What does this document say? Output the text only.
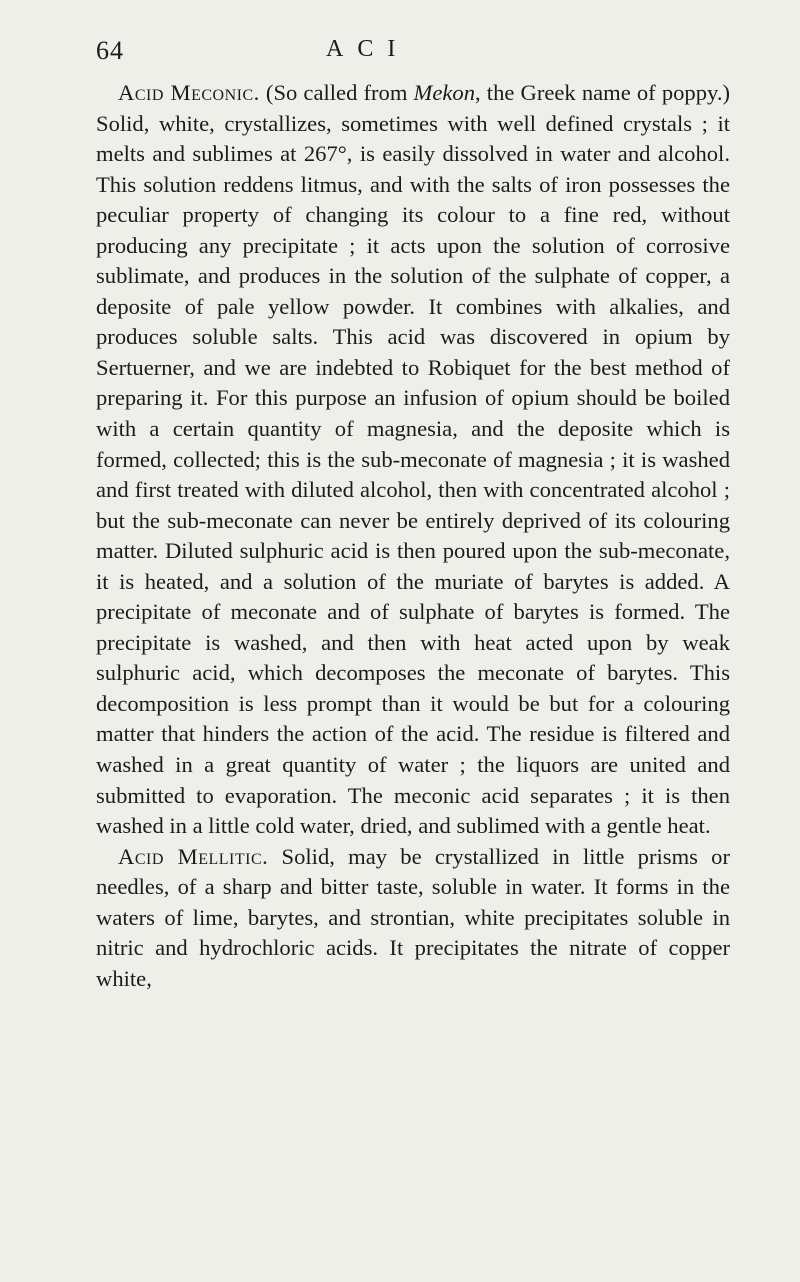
64	ACI

Acid Meconic. (So called from Mekon, the Greek name of poppy.) Solid, white, crystallizes, sometimes with well defined crystals ; it melts and sublimes at 267°, is easily dissolved in water and alcohol. This solution reddens litmus, and with the salts of iron possesses the peculiar property of changing its colour to a fine red, without producing any precipitate ; it acts upon the solution of corrosive sublimate, and produces in the solution of the sulphate of copper, a deposite of pale yellow powder. It combines with alkalies, and produces soluble salts. This acid was discovered in opium by Sertuerner, and we are indebted to Robiquet for the best method of preparing it. For this purpose an infusion of opium should be boiled with a certain quantity of magnesia, and the deposite which is formed, collected; this is the sub-meconate of magnesia ; it is washed and first treated with diluted alcohol, then with concentrated alcohol ; but the sub-meconate can never be entirely deprived of its colouring matter. Diluted sulphuric acid is then poured upon the sub-meconate, it is heated, and a solution of the muriate of barytes is added. A precipitate of meconate and of sulphate of barytes is formed. The precipitate is washed, and then with heat acted upon by weak sulphuric acid, which decomposes the meconate of barytes. This decomposition is less prompt than it would be but for a colouring matter that hinders the action of the acid. The residue is filtered and washed in a great quantity of water ; the liquors are united and submitted to evaporation. The meconic acid separates ; it is then washed in a little cold water, dried, and sublimed with a gentle heat.

Acid Mellitic. Solid, may be crystallized in little prisms or needles, of a sharp and bitter taste, soluble in water. It forms in the waters of lime, barytes, and strontian, white precipitates soluble in nitric and hydrochloric acids. It precipitates the nitrate of copper white,
